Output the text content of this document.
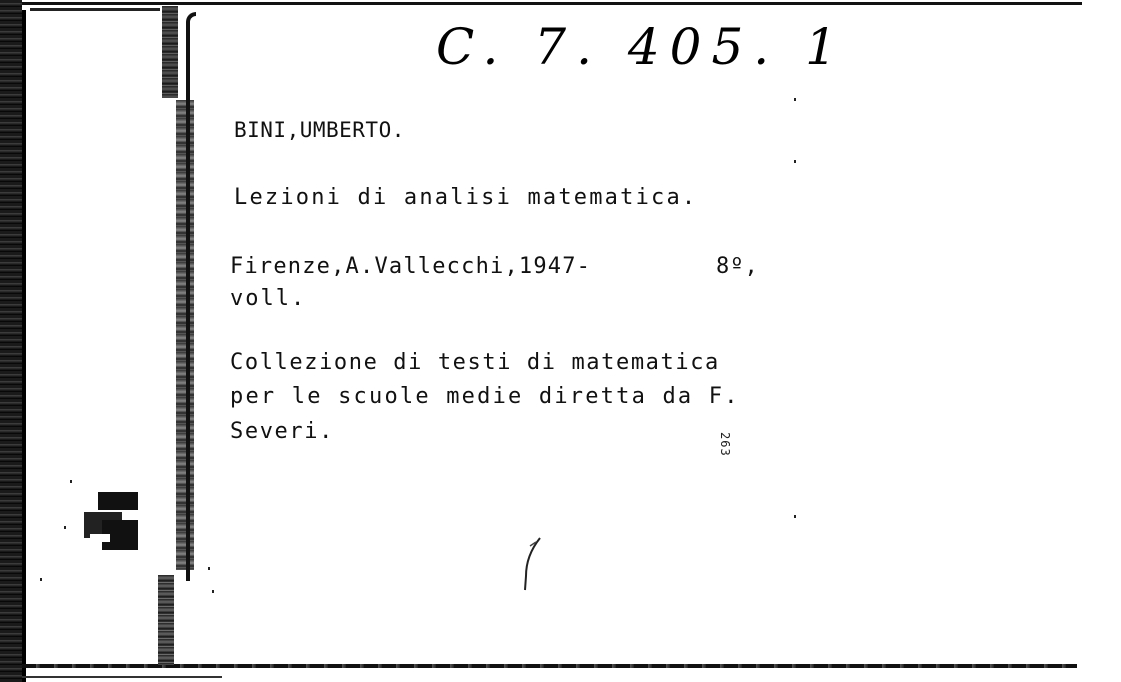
C. 7. 405. 1
BINI,UMBERTO.
Lezioni di analisi matematica.
Firenze,A.Vallecchi,1947-	8º,
voll.
Collezione di testi di matematica
per le scuole medie diretta da F.
Severi.
263
